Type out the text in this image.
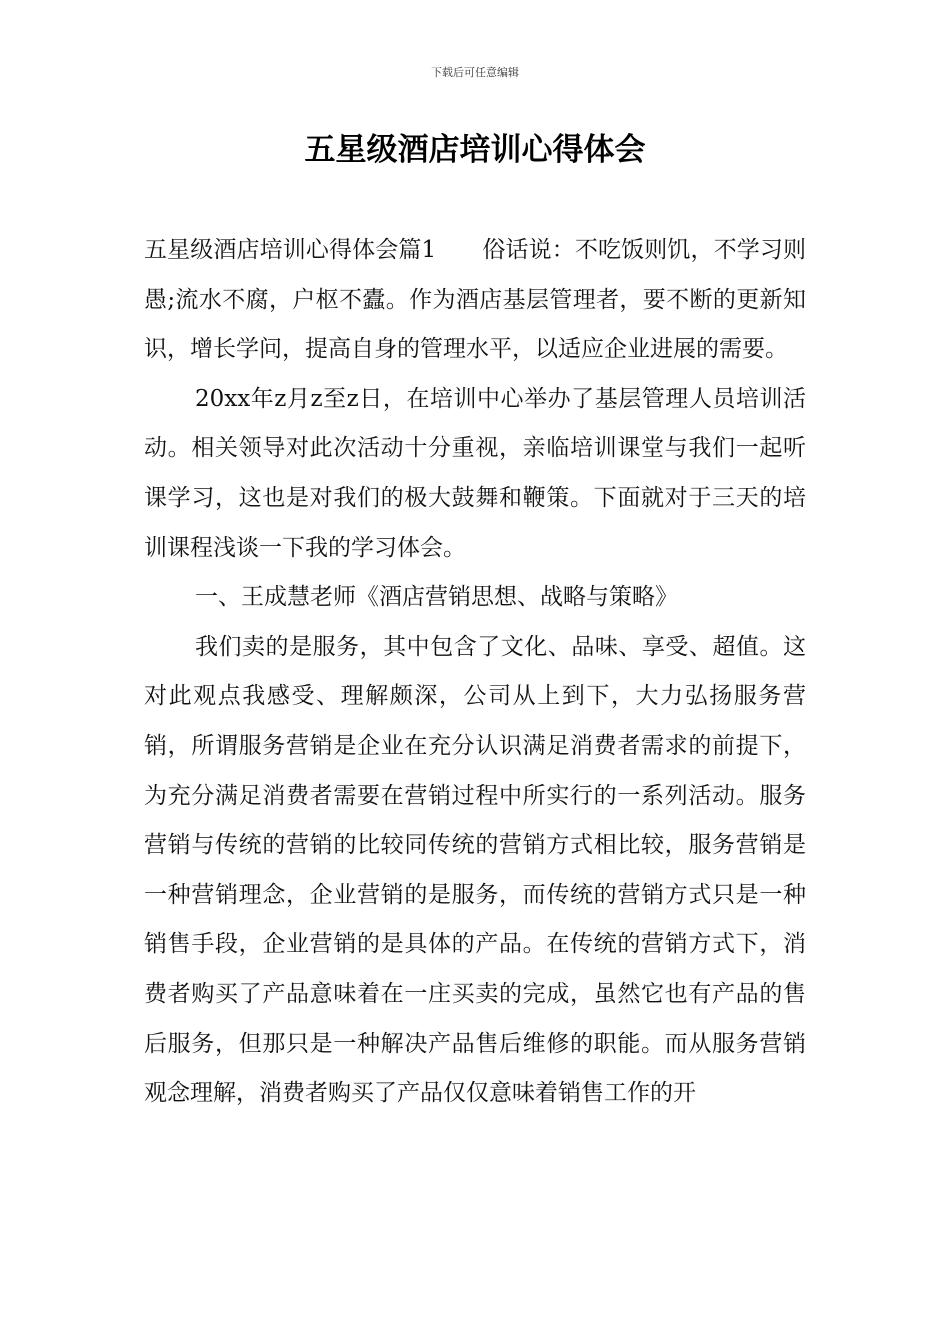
下载后可任意编辑
五星级酒店培训心得体会

五星级酒店培训心得体会篇1 俗话说：不吃饭则饥，不学习则愚;流水不腐，户枢不蠹。作为酒店基层管理者，要不断的更新知识，增长学问，提高自身的管理水平，以适应企业进展的需要。

20xx年z月z至z日，在培训中心举办了基层管理人员培训活动。相关领导对此次活动十分重视，亲临培训课堂与我们一起听课学习，这也是对我们的极大鼓舞和鞭策。下面就对于三天的培训课程浅谈一下我的学习体会。

一、王成慧老师《酒店营销思想、战略与策略》

我们卖的是服务，其中包含了文化、品味、享受、超值。这对此观点我感受、理解颇深，公司从上到下，大力弘扬服务营销，所谓服务营销是企业在充分认识满足消费者需求的前提下，为充分满足消费者需要在营销过程中所实行的一系列活动。服务营销与传统的营销的比较同传统的营销方式相比较，服务营销是一种营销理念，企业营销的是服务，而传统的营销方式只是一种销售手段，企业营销的是具体的产品。在传统的营销方式下，消费者购买了产品意味着在一庄买卖的完成，虽然它也有产品的售后服务，但那只是一种解决产品售后维修的职能。而从服务营销观念理解，消费者购买了产品仅仅意味着销售工作的开
